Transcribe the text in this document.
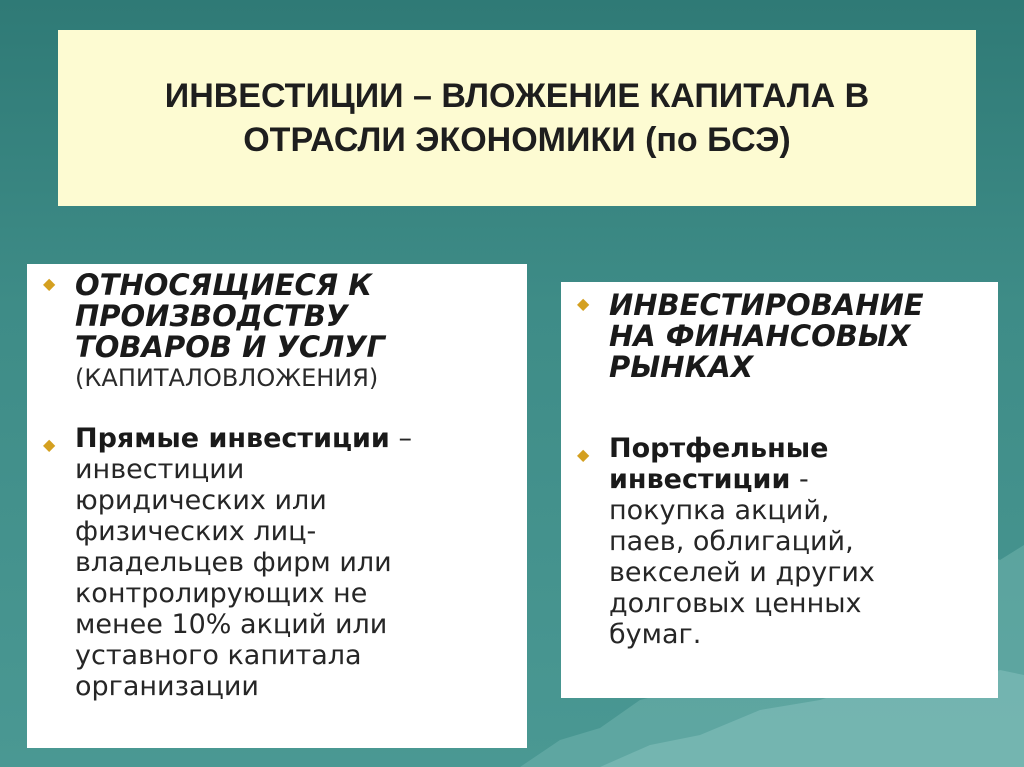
ИНВЕСТИЦИИ – ВЛОЖЕНИЕ КАПИТАЛА В
ОТРАСЛИ ЭКОНОМИКИ (по БСЭ)

◆ ОТНОСЯЩИЕСЯ К
ПРОИЗВОДСТВУ
ТОВАРОВ И УСЛУГ
(КАПИТАЛОВЛОЖЕНИЯ)
◆ Прямые инвестиции –
инвестиции
юридических или
физических лиц-
владельцев фирм или
контролирующих не
менее 10% акций или
уставного капитала
организации
◆ ИНВЕСТИРОВАНИЕ
НА ФИНАНСОВЫХ
РЫНКАХ
◆ Портфельные
инвестиции -
покупка акций,
паев, облигаций,
векселей и других
долговых ценных
бумаг.
